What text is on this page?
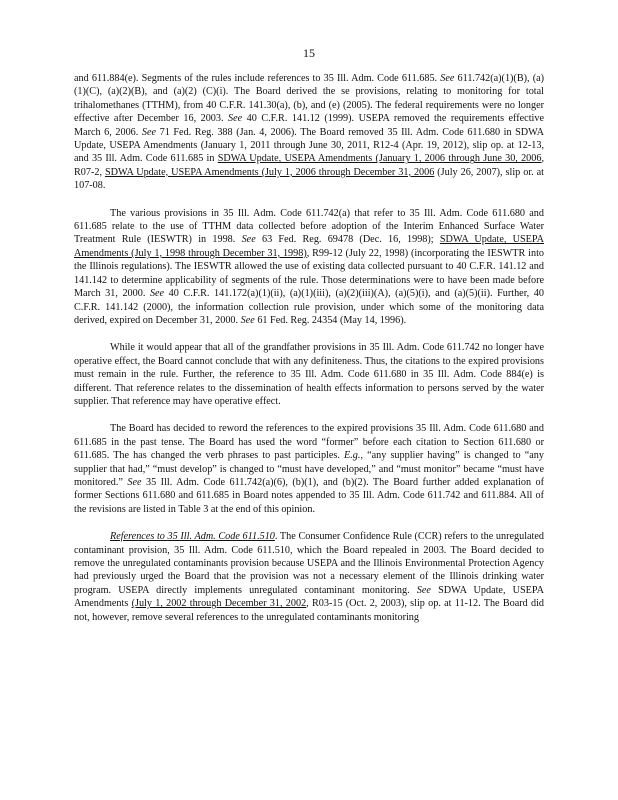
15

and 611.884(e). Segments of the rules include references to 35 Ill. Adm. Code 611.685. See 611.742(a)(1)(B), (a)(1)(C), (a)(2)(B), and (a)(2) (C)(i). The Board derived the se provisions, relating to monitoring for total trihalomethanes (TTHM), from 40 C.F.R. 141.30(a), (b), and (e) (2005). The federal requirements were no longer effective after December 16, 2003. See 40 C.F.R. 141.12 (1999). USEPA removed the requirements effective March 6, 2006. See 71 Fed. Reg. 388 (Jan. 4, 2006). The Board removed 35 Ill. Adm. Code 611.680 in SDWA Update, USEPA Amendments (January 1, 2011 through June 30, 2011, R12-4 (Apr. 19, 2012), slip op. at 12-13, and 35 Ill. Adm. Code 611.685 in SDWA Update, USEPA Amendments (January 1, 2006 through June 30, 2006, R07-2, SDWA Update, USEPA Amendments (July 1, 2006 through December 31, 2006 (July 26, 2007), slip or. at 107-08.

The various provisions in 35 Ill. Adm. Code 611.742(a) that refer to 35 Ill. Adm. Code 611.680 and 611.685 relate to the use of TTHM data collected before adoption of the Interim Enhanced Surface Water Treatment Rule (IESWTR) in 1998. See 63 Fed. Reg. 69478 (Dec. 16, 1998); SDWA Update, USEPA Amendments (July 1, 1998 through December 31, 1998), R99-12 (July 22, 1998) (incorporating the IESWTR into the Illinois regulations). The IESWTR allowed the use of existing data collected pursuant to 40 C.F.R. 141.12 and 141.142 to determine applicability of segments of the rule. Those determinations were to have been made before March 31, 2000. See 40 C.F.R. 141.172(a)(1)(ii), (a)(1)(iii), (a)(2)(iii)(A), (a)(5)(i), and (a)(5)(ii). Further, 40 C.F.R. 141.142 (2000), the information collection rule provision, under which some of the monitoring data derived, expired on December 31, 2000. See 61 Fed. Reg. 24354 (May 14, 1996).

While it would appear that all of the grandfather provisions in 35 Ill. Adm. Code 611.742 no longer have operative effect, the Board cannot conclude that with any definiteness. Thus, the citations to the expired provisions must remain in the rule. Further, the reference to 35 Ill. Adm. Code 611.680 in 35 Ill. Adm. Code 884(e) is different. That reference relates to the dissemination of health effects information to persons served by the water supplier. That reference may have operative effect.

The Board has decided to reword the references to the expired provisions 35 Ill. Adm. Code 611.680 and 611.685 in the past tense. The Board has used the word “former” before each citation to Section 611.680 or 611.685. The has changed the verb phrases to past participles. E.g., “any supplier having” is changed to “any supplier that had,” “must develop” is changed to “must have developed,” and “must monitor” became “must have monitored.” See 35 Ill. Adm. Code 611.742(a)(6), (b)(1), and (b)(2). The Board further added explanation of former Sections 611.680 and 611.685 in Board notes appended to 35 Ill. Adm. Code 611.742 and 611.884. All of the revisions are listed in Table 3 at the end of this opinion.

References to 35 Ill. Adm. Code 611.510. The Consumer Confidence Rule (CCR) refers to the unregulated contaminant provision, 35 Ill. Adm. Code 611.510, which the Board repealed in 2003. The Board decided to remove the unregulated contaminants provision because USEPA and the Illinois Environmental Protection Agency had previously urged the Board that the provision was not a necessary element of the Illinois drinking water program. USEPA directly implements unregulated contaminant monitoring. See SDWA Update, USEPA Amendments (July 1, 2002 through December 31, 2002, R03-15 (Oct. 2, 2003), slip op. at 11-12. The Board did not, however, remove several references to the unregulated contaminants monitoring
